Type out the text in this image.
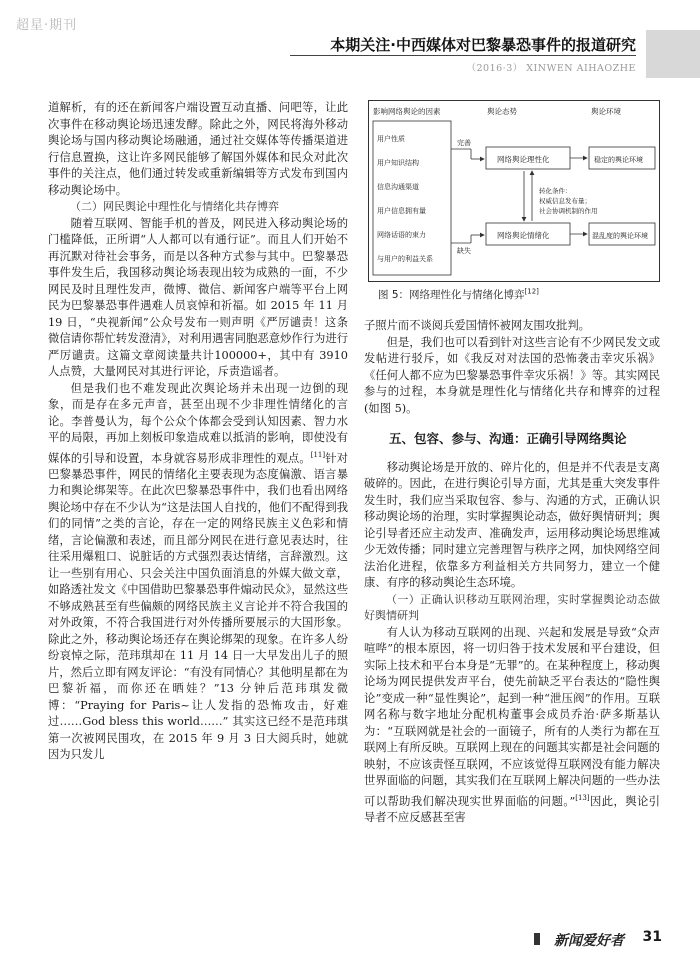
超星·期刊
本期关注·中西媒体对巴黎暴恐事件的报道研究
（2016·3） XINWEN AIHAOZHE

道解析，有的还在新闻客户端设置互动直播、问吧等，让此次事件在移动舆论场迅速发酵。除此之外，网民将海外移动舆论场与国内移动舆论场融通，通过社交媒体等传播渠道进行信息置换，这让许多网民能够了解国外媒体和民众对此次事件的关注点，他们通过转发或重新编辑等方式发布到国内移动舆论场中。

（二）网民舆论中理性化与情绪化共存博弈

随着互联网、智能手机的普及，网民进入移动舆论场的门槛降低，正所谓“人人都可以有通行证”。而且人们开始不再沉默对待社会事务，而是以各种方式参与其中。巴黎暴恐事件发生后，我国移动舆论场表现出较为成熟的一面，不少网民及时且理性发声，微博、微信、新闻客户端等平台上网民为巴黎暴恐事件遇难人员哀悼和祈福。如 2015 年 11 月 19 日，“央视新闻”公众号发布一则声明《严厉谴责！这条微信请你帮忙转发澄清》，对利用遇害同胞恶意炒作行为进行严厉谴责。这篇文章阅读量共计100000+，其中有 3910 人点赞，大量网民对其进行评论，斥责造谣者。

但是我们也不难发现此次舆论场并未出现一边倒的现象，而是存在多元声音，甚至出现不少非理性情绪化的言论。李普曼认为，每个公众个体都会受到认知因素、智力水平的局限，再加上刻板印象造成难以抵消的影响，即使没有媒体的引导和设置，本身就容易形成非理性的观点。[11]针对巴黎暴恐事件，网民的情绪化主要表现为态度偏激、语言暴力和舆论绑架等。在此次巴黎暴恐事件中，我们也看出网络舆论场中存在不少认为“这是法国人自找的，他们不配得到我们的同情”之类的言论，存在一定的网络民族主义色彩和情绪，言论偏激和表述，而且部分网民在进行意见表达时，往往采用爆粗口、说脏话的方式强烈表达情绪，言辞激烈。这让一些别有用心、只会关注中国负面消息的外媒大做文章，如路透社发文《中国借助巴黎暴恐事件煽动民众》，显然这些不够成熟甚至有些偏颇的网络民族主义言论并不符合我国的对外政策，不符合我国进行对外传播所要展示的大国形象。除此之外，移动舆论场还存在舆论绑架的现象。在许多人纷纷哀悼之际，范玮琪却在 11 月 14 日一大早发出儿子的照片，然后立即有网友评论：“有没有同情心？其他明星都在为巴黎祈福，而你还在晒娃？”13 分钟后范玮琪发微博：“Praying for Paris~让人发指的恐怖攻击，好难过……God bless this world……” 其实这已经不是范玮琪第一次被网民围攻，在 2015 年 9 月 3 日大阅兵时，她就因为只发儿

影响网络舆论的因素	舆论态势	舆论环境
用户性质
用户知识结构
信息沟通渠道
用户信息拥有量
网络话语的束力
与用户的利益关系
完善
缺失
网络舆论理性化
网络舆论情绪化
转化条件：
权威信息发布量；
社会协调机制的作用
稳定的舆论环境
混乱度的舆论环境
图 5：网络理性化与情绪化博弈[12]

子照片而不谈阅兵爱国情怀被网友围攻批判。

但是，我们也可以看到针对这些言论有不少网民发文或发帖进行驳斥，如《我反对对法国的恐怖袭击幸灾乐祸》《任何人都不应为巴黎暴恐事件幸灾乐祸！》等。其实网民参与的过程，本身就是理性化与情绪化共存和博弈的过程(如图 5)。

五、包容、参与、沟通：正确引导网络舆论

移动舆论场是开放的、碎片化的，但是并不代表是支离破碎的。因此，在进行舆论引导方面，尤其是重大突发事件发生时，我们应当采取包容、参与、沟通的方式，正确认识移动舆论场的治理，实时掌握舆论动态，做好舆情研判；舆论引导者还应主动发声、准确发声，运用移动舆论场思维减少无效传播；同时建立完善理智与秩序之网，加快网络空间法治化进程，依靠多方利益相关方共同努力，建立一个健康、有序的移动舆论生态环境。

（一）正确认识移动互联网治理，实时掌握舆论动态做好舆情研判

有人认为移动互联网的出现、兴起和发展是导致“众声喧哗”的根本原因，将一切归咎于技术发展和平台建设，但实际上技术和平台本身是“无罪”的。在某种程度上，移动舆论场为网民提供发声平台，使先前缺乏平台表达的“隐性舆论”变成一种“显性舆论”，起到一种“泄压阀”的作用。互联网名称与数字地址分配机构董事会成员乔治·萨多斯基认为：“互联网就是社会的一面镜子，所有的人类行为都在互联网上有所反映。互联网上现在的问题其实都是社会问题的映射，不应该责怪互联网，不应该觉得互联网没有能力解决世界面临的问题，其实我们在互联网上解决问题的一些办法可以帮助我们解决现实世界面临的问题。”[13]因此，舆论引导者不应反感甚至害

新闻爱好者 31
